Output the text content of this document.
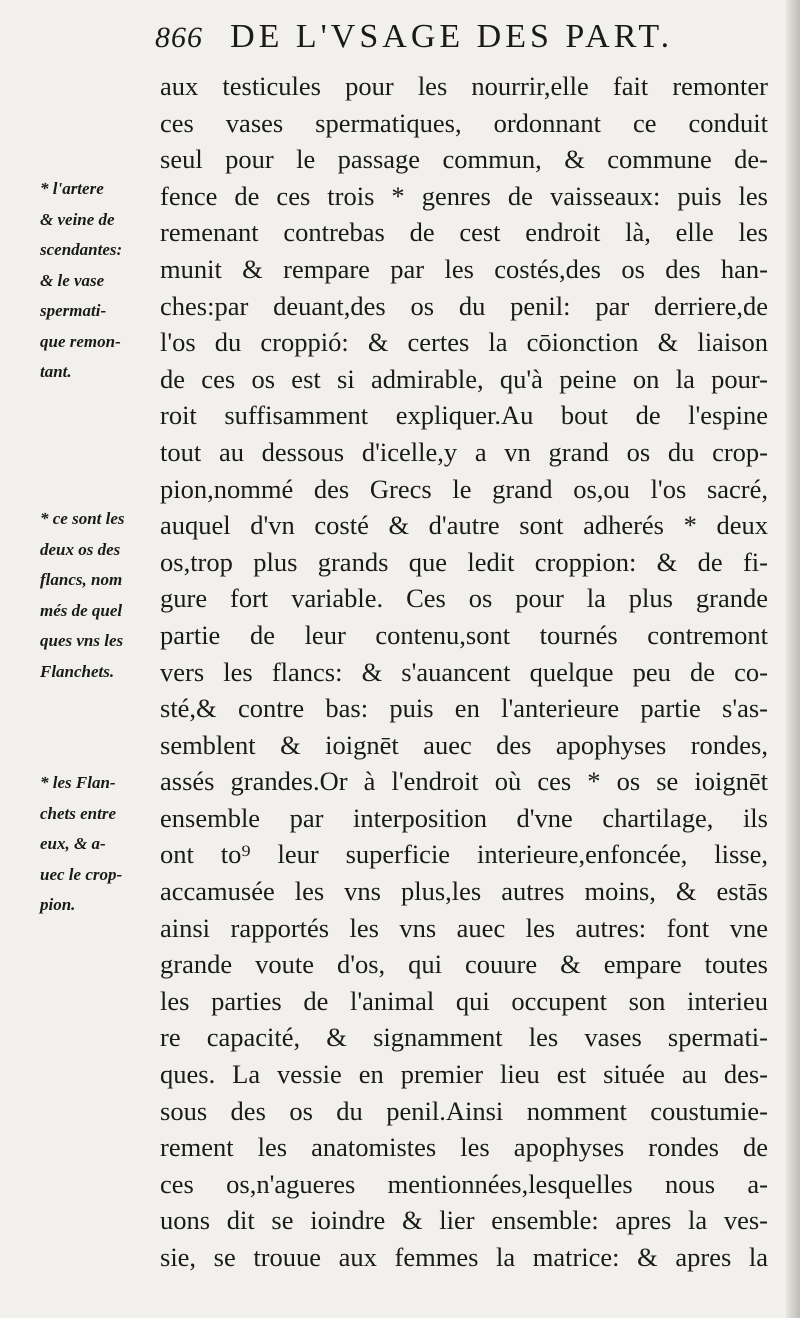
866 DE L'VSAGE DES PART.
aux testicules pour les nourrir,elle fait remonter
ces vases spermatiques, ordonnant ce conduit
seul pour le passage commun, & commune de-
fence de ces trois * genres de vaisseaux: puis les
remenant contrebas de cest endroit là, elle les
munit & rempare par les costés,des os des han-
ches:par deuant,des os du penil: par derriere,de
l'os du croppió: & certes la cōionction & liaison
de ces os est si admirable, qu'à peine on la pour-
roit suffisamment expliquer.Au bout de l'espine
tout au dessous d'icelle,y a vn grand os du crop-
pion,nommé des Grecs le grand os,ou l'os sacré,
auquel d'vn costé & d'autre sont adherés * deux
os,trop plus grands que ledit croppion: & de fi-
gure fort variable. Ces os pour la plus grande
partie de leur contenu,sont tournés contremont
vers les flancs: & s'auancent quelque peu de co-
sté,& contre bas: puis en l'anterieure partie s'as-
semblent & ioignēt auec des apophyses rondes,
assés grandes.Or à l'endroit où ces * os se ioignēt
ensemble par interposition d'vne chartilage, ils
ont to⁹ leur superficie interieure,enfoncée, lisse,
accamusée les vns plus,les autres moins, & estās
ainsi rapportés les vns auec les autres: font vne
grande voute d'os, qui couure & empare toutes
les parties de l'animal qui occupent son interieu
re capacité, & signamment les vases spermati-
ques. La vessie en premier lieu est située au des-
sous des os du penil.Ainsi nomment coustumie-
rement les anatomistes les apophyses rondes de
ces os,n'agueres mentionnées,lesquelles nous a-
uons dit se ioindre & lier ensemble: apres la ves-
sie, se trouue aux femmes la matrice: & apres la
* l'artere
& veine de
scendantes:
& le vase
spermati-
que remon-
tant.
* ce sont les
deux os des
flancs, nom
més de quel
ques vns les
Flanchets.
* les Flan-
chets entre
eux, & a-
uec le crop-
pion.
